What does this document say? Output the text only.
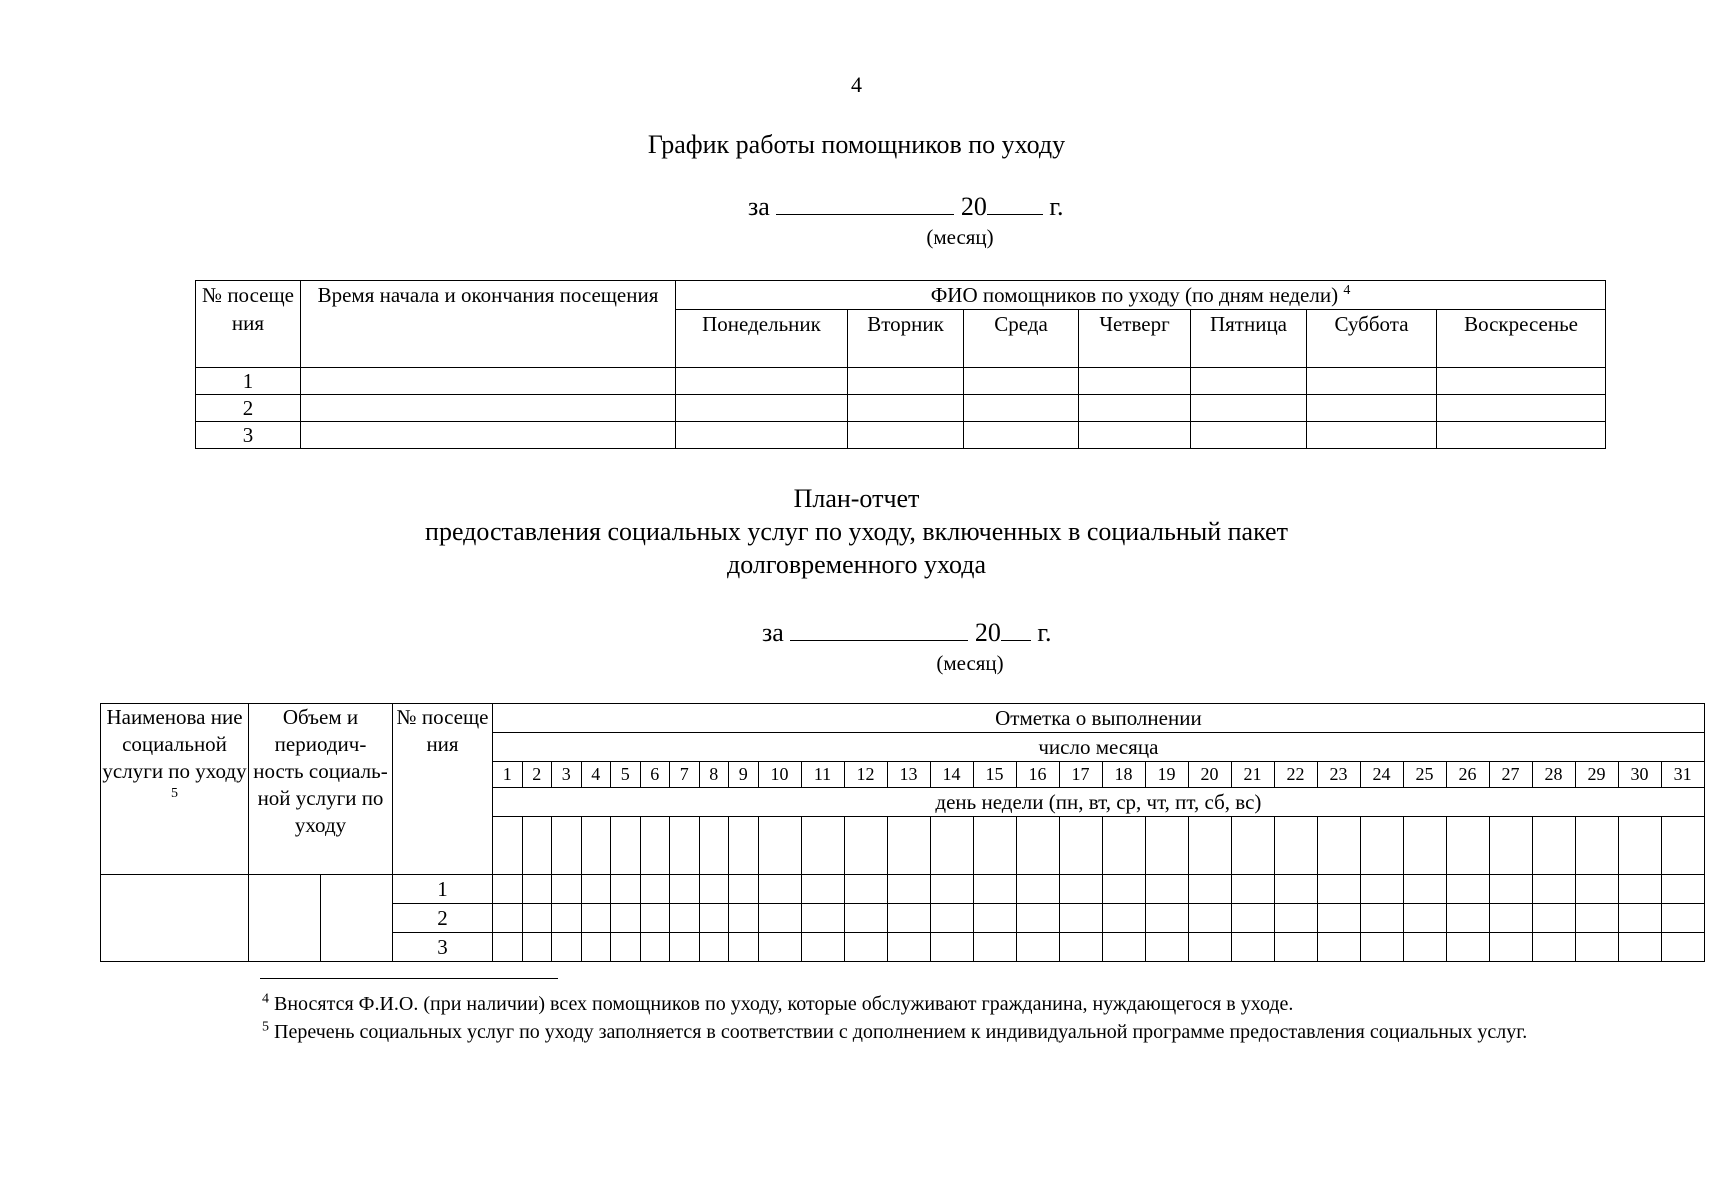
4
График работы помощников по уходу
за	20 г.
(месяц)
№ посеще ния	Время начала и окончания посещения	ФИО помощников по уходу (по дням недели) $^4$
		Понедельник	Вторник	Среда	Четверг	Пятница	Суббота	Воскресенье
1								
2								
3								
План-отчет
предоставления социальных услуг по уходу, включенных в социальный пакет
долговременного ухода
за	20 г.
(месяц)
Наименова ние социальной услуги по уходу $^5$	Объем и периодич- ность социаль- ной услуги по уходу		№ посеще ния	Отметка о выполнении																														
				число месяца																														
				1	2	3	4	5	6	7	8	9	10	11	12	13	14	15	16	17	18	19	20	21	22	23	24	25	26	27	28	29	30	31
				день недели (пн, вт, ср, чт, пт, сб, вс)																														

			1																															
			2																															
			3																															
$^4$ Вносятся Ф.И.О. (при наличии) всех помощников по уходу, которые обслуживают гражданина, нуждающегося в уходе.
$^5$ Перечень социальных услуг по уходу заполняется в соответствии с дополнением к индивидуальной программе предоставления социальных услуг.
